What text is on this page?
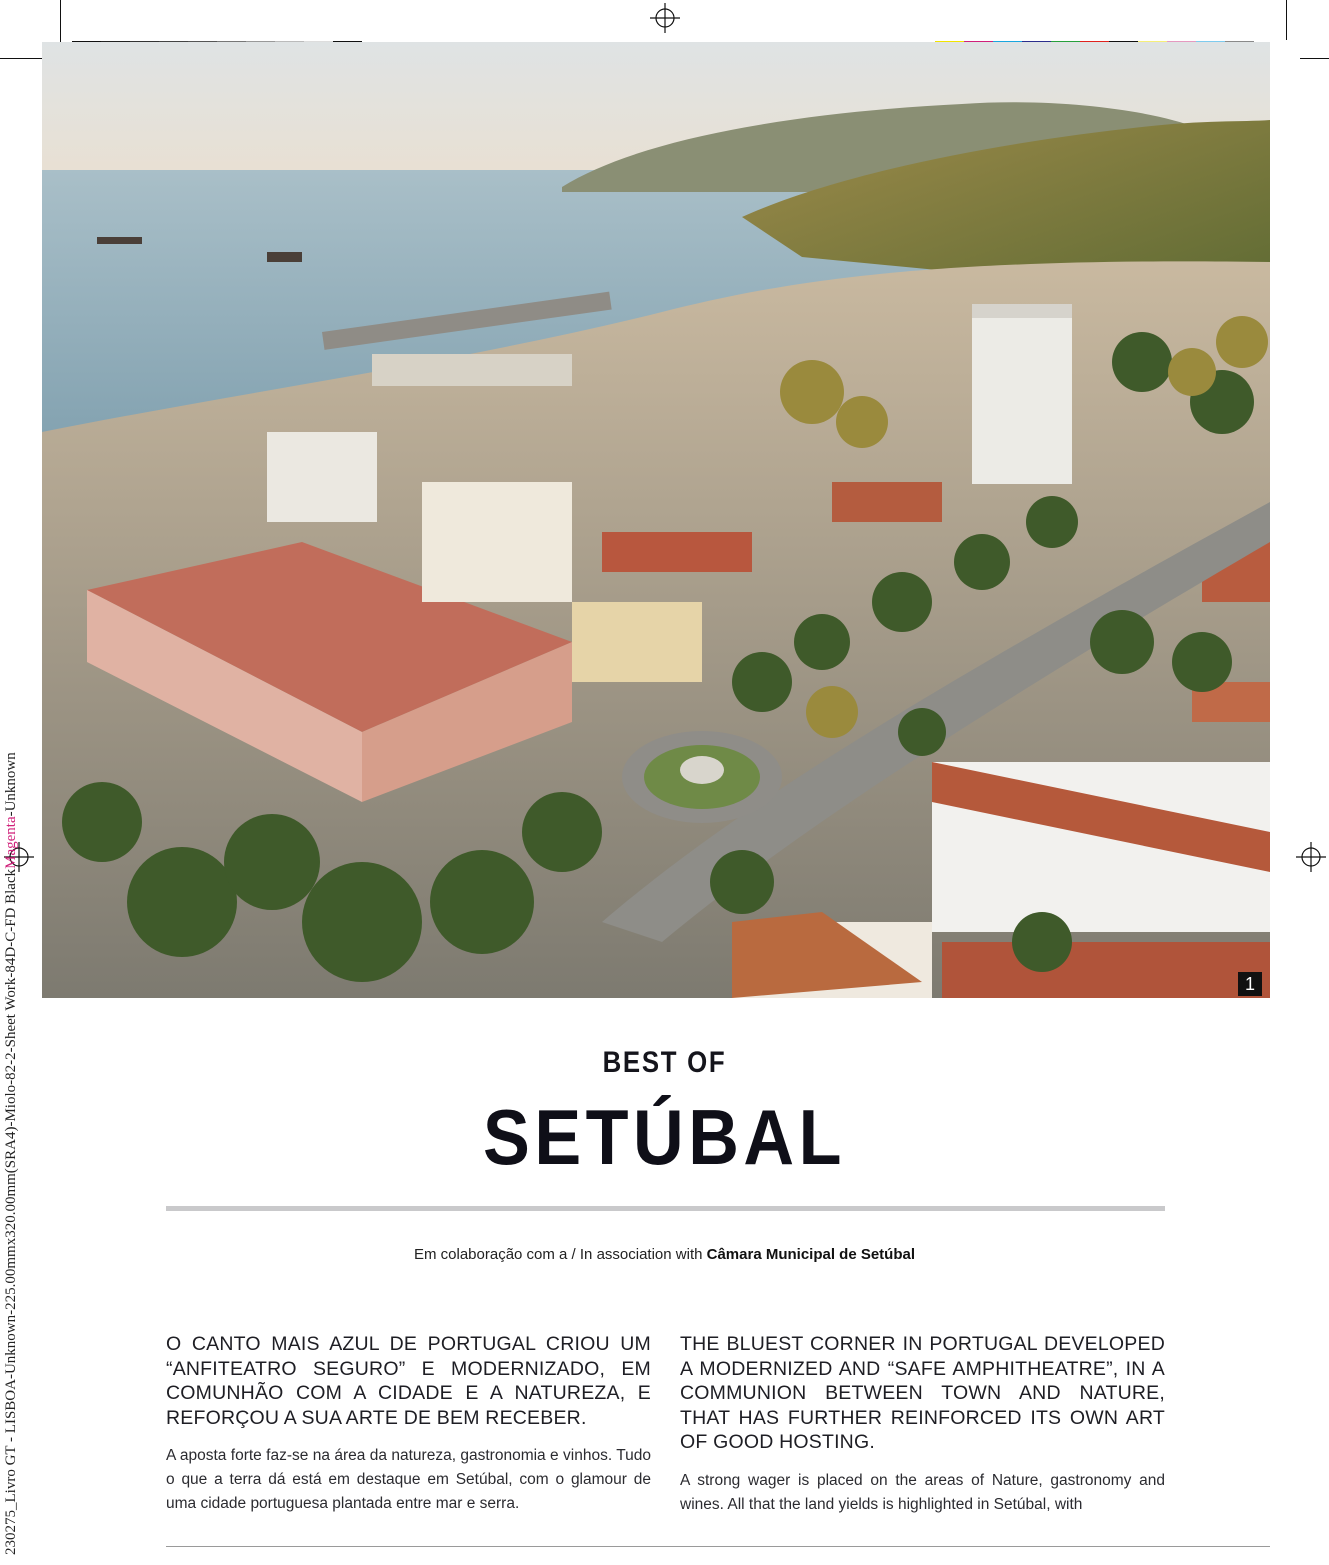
230275_Livro GT - LISBOA-Unknown-225.00mmx320.00mm(SRA4)-Miolo-82-2-Sheet Work-84D-C-FD BlackMagenta-Unknown
1
BEST OF
SETÚBAL
Em colaboração com a / In association with Câmara Municipal de Setúbal

O CANTO MAIS AZUL DE PORTUGAL CRIOU UM “ANFITEATRO SEGURO” E MODERNIZADO, EM COMUNHÃO COM A CIDADE E A NATUREZA, E REFORÇOU A SUA ARTE DE BEM RECEBER.

A aposta forte faz-se na área da natureza, gastronomia e vinhos. Tudo o que a terra dá está em destaque em Setúbal, com o glamour de uma cidade portuguesa plantada entre mar e serra.

THE BLUEST CORNER IN PORTUGAL DEVELOPED A MODERNIZED AND “SAFE AMPHITHEATRE”, IN A COMMUNION BETWEEN TOWN AND NATURE, THAT HAS FURTHER REINFORCED ITS OWN ART OF GOOD HOSTING.

A strong wager is placed on the areas of Nature, gastronomy and wines. All that the land yields is highlighted in Setúbal, with
